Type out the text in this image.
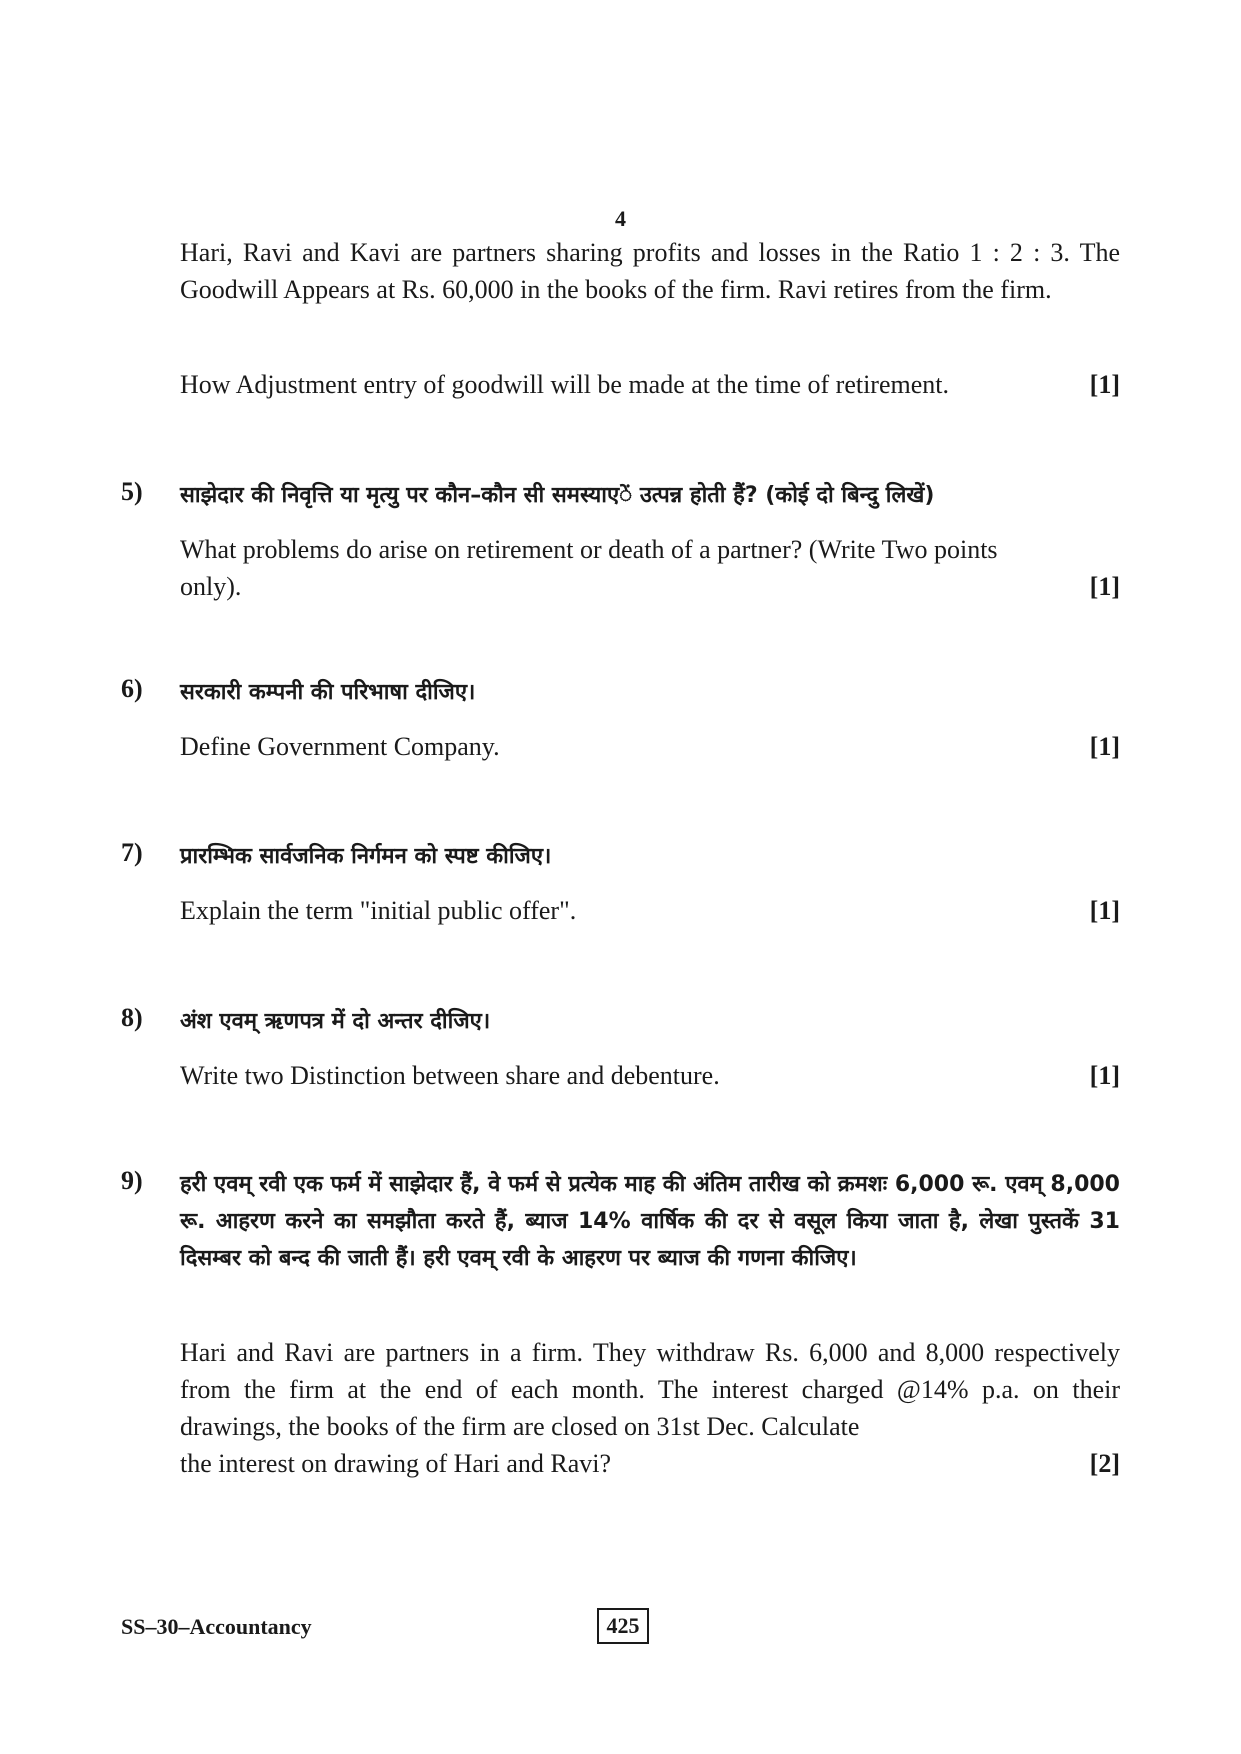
4
Hari, Ravi and Kavi are partners sharing profits and losses in the Ratio 1 : 2 : 3. The Goodwill Appears at Rs. 60,000 in the books of the firm. Ravi retires from the firm.
How Adjustment entry of goodwill will be made at the time of retirement.	[1]
5) साझेदार की निवृत्ति या मृत्यु पर कौन–कौन सी समस्याएें उत्पन्न होती हैं? (कोई दो बिन्दु लिखें)
What problems do arise on retirement or death of a partner? (Write Two points
only).	[1]
6) सरकारी कम्पनी की परिभाषा दीजिए।
Define Government Company.	[1]
7) प्रारम्भिक सार्वजनिक निर्गमन को स्पष्ट कीजिए।
Explain the term "initial public offer".	[1]
8) अंश एवम् ऋणपत्र में दो अन्तर दीजिए।
Write two Distinction between share and debenture.	[1]
9) हरी एवम् रवी एक फर्म में साझेदार हैं, वे फर्म से प्रत्येक माह की अंतिम तारीख को क्रमशः 6,000 रू. एवम् 8,000 रू. आहरण करने का समझौता करते हैं, ब्याज 14% वार्षिक की दर से वसूल किया जाता है, लेखा पुस्तकें 31 दिसम्बर को बन्द की जाती हैं। हरी एवम् रवी के आहरण पर ब्याज की गणना कीजिए।
Hari and Ravi are partners in a firm. They withdraw Rs. 6,000 and 8,000 respectively from the firm at the end of each month. The interest charged @14% p.a. on their drawings, the books of the firm are closed on 31st Dec. Calculate
the interest on drawing of Hari and Ravi?	[2]
SS–30–Accountancy	425
